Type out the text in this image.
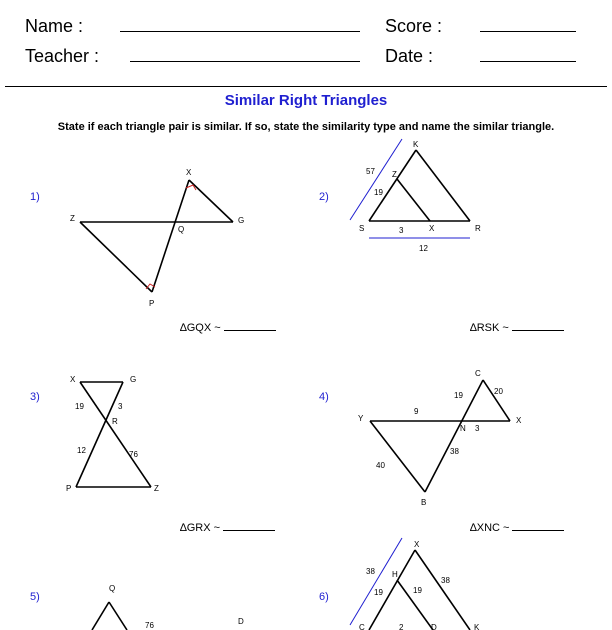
Name :	Score :
Teacher :	Date :
Similar Right Triangles
State if each triangle pair is similar. If so, state the similarity type and name the similar triangle.
1)	2)
3)	4)
5)	6)
∆GQX ~	∆RSK ~
∆GRX ~	∆XNC ~
X
Z	G
Q
P
K
Z
S	X	R
57
19
3
12
X	G
R
P	Z
19	3
12	76
C
Y	X
N
B
19	20
9
3
38
40
Q
D
76
X
H
C	D	K
38
38
19	19
2
